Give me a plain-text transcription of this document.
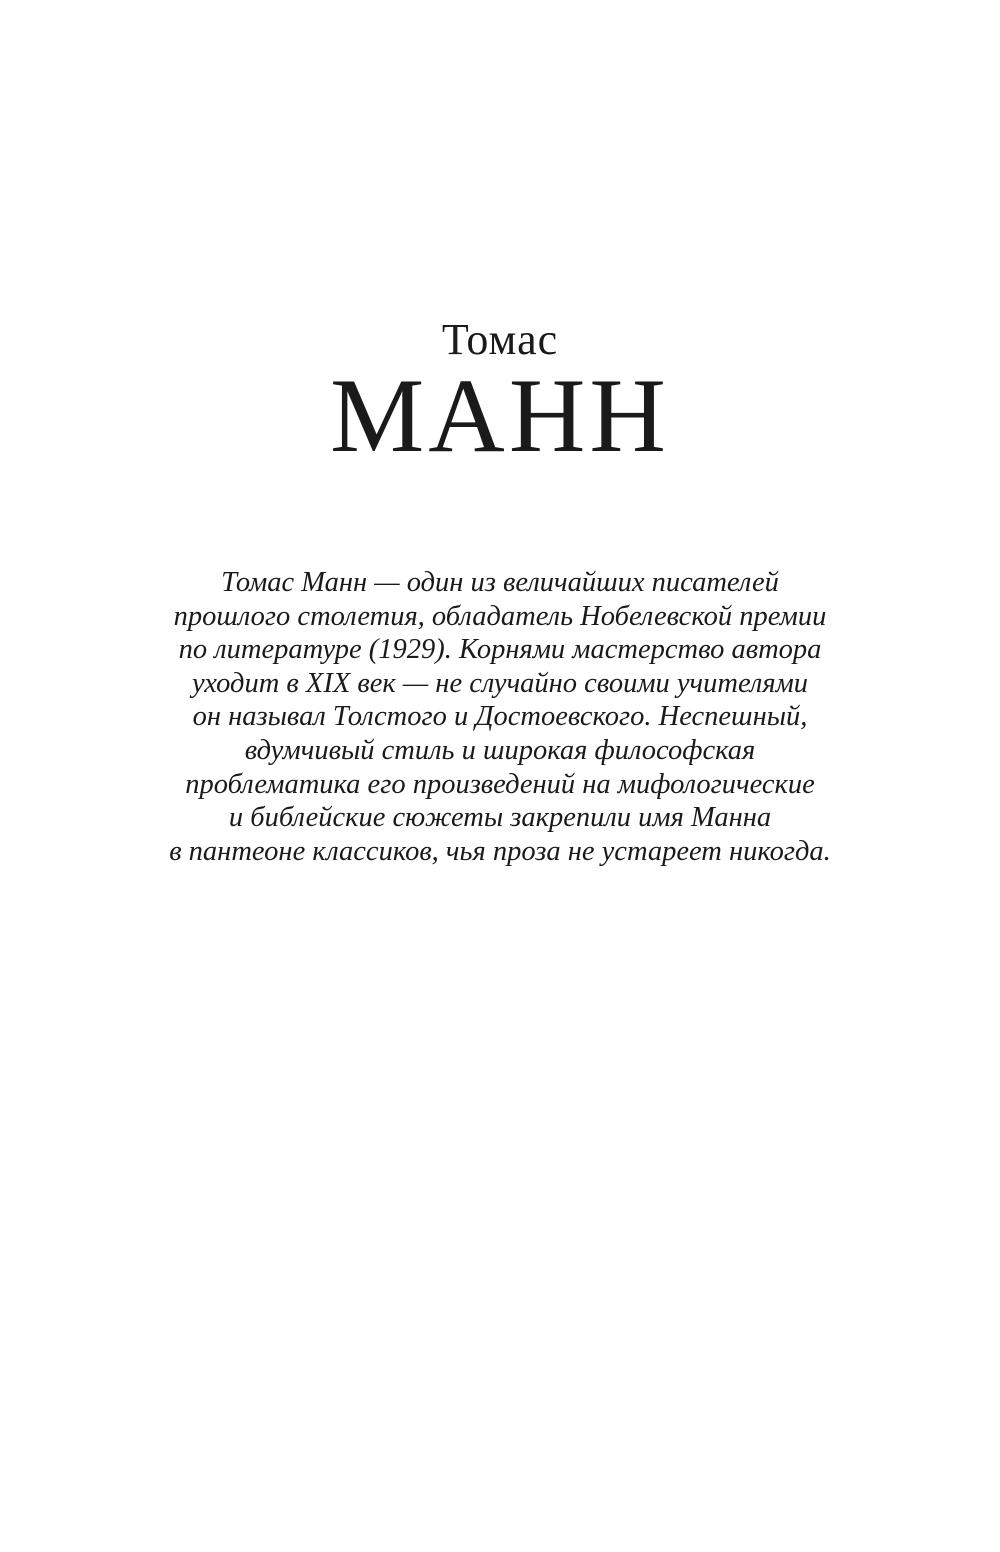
Томас
МАНН
Томас Манн — один из величайших писателей
прошлого столетия, обладатель Нобелевской премии
по литературе (1929). Корнями мастерство автора
уходит в XIX век — не случайно своими учителями
он называл Толстого и Достоевского. Неспешный,
вдумчивый стиль и широкая философская
проблематика его произведений на мифологические
и библейские сюжеты закрепили имя Манна
в пантеоне классиков, чья проза не устареет никогда.
